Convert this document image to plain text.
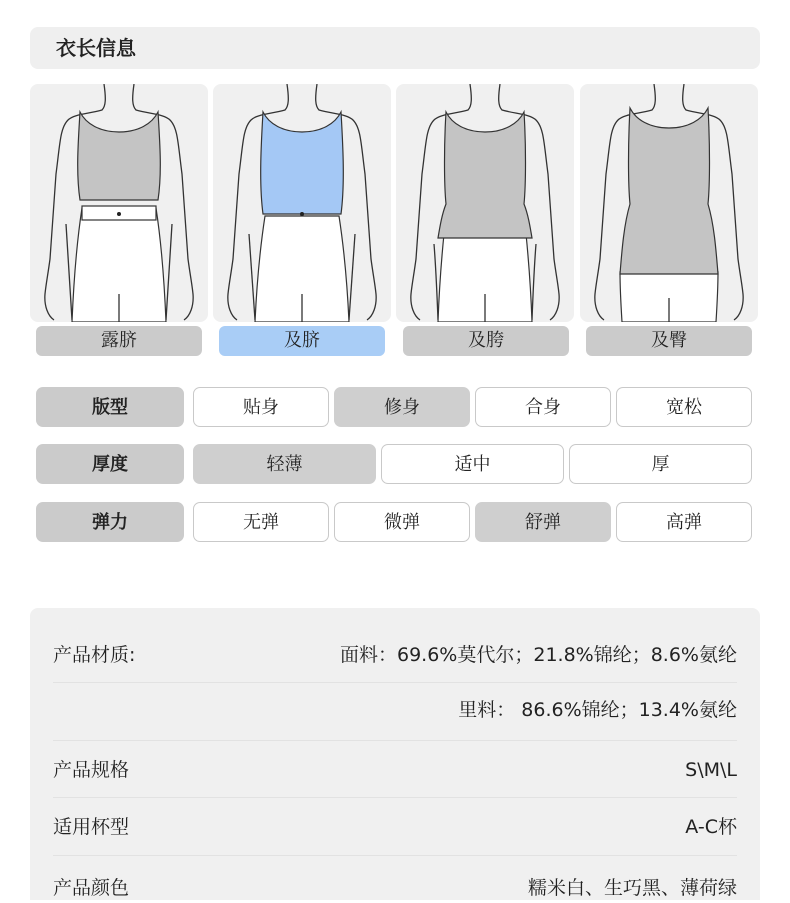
衣长信息
露脐	及脐	及胯	及臀
版型	贴身	修身	合身	宽松
厚度	轻薄	适中	厚
弹力	无弹	微弹	舒弹	高弹
产品材质:	面料：69.6%莫代尔；21.8%锦纶；8.6%氨纶
里料： 86.6%锦纶；13.4%氨纶
产品规格	S\M\L
适用杯型	A-C杯
产品颜色	糯米白、生巧黑、薄荷绿
